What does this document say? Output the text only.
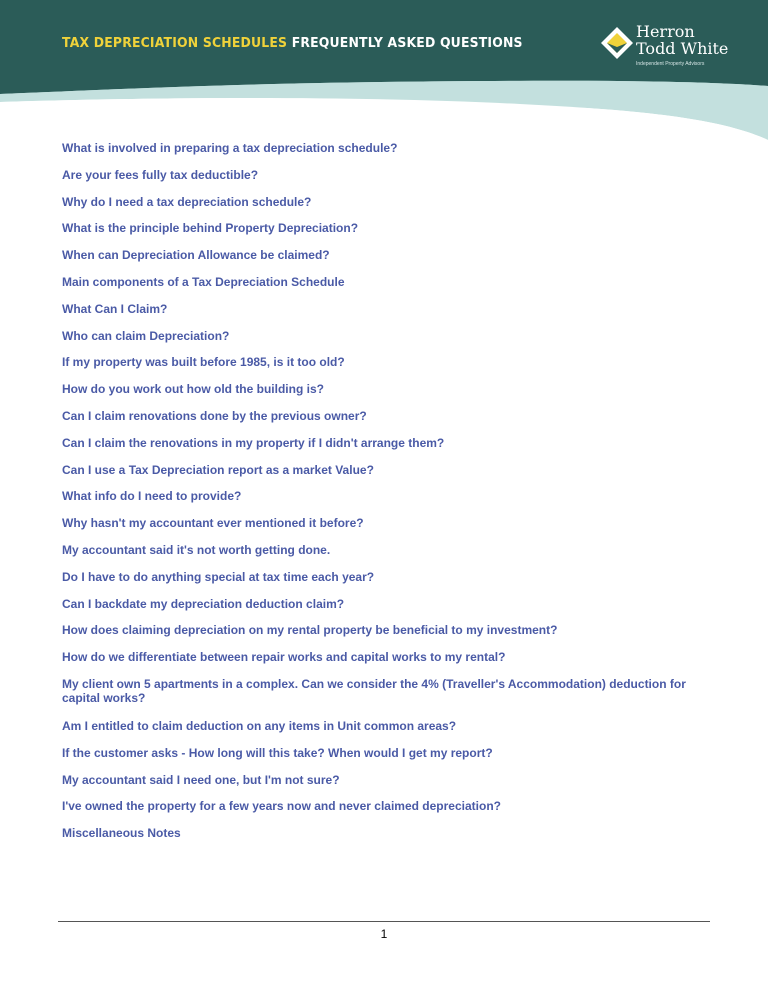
TAX DEPRECIATION SCHEDULES FREQUENTLY ASKED QUESTIONS
Herron
Todd White
Independent Property Advisors
What is involved in preparing a tax depreciation schedule?
Are your fees fully tax deductible?
Why do I need a tax depreciation schedule?
What is the principle behind Property Depreciation?
When can Depreciation Allowance be claimed?
Main components of a Tax Depreciation Schedule
What Can I Claim?
Who can claim Depreciation?
If my property was built before 1985, is it too old?
How do you work out how old the building is?
Can I claim renovations done by the previous owner?
Can I claim the renovations in my property if I didn't arrange them?
Can I use a Tax Depreciation report as a market Value?
What info do I need to provide?
Why hasn't my accountant ever mentioned it before?
My accountant said it's not worth getting done.
Do I have to do anything special at tax time each year?
Can I backdate my depreciation deduction claim?
How does claiming depreciation on my rental property be beneficial to my investment?
How do we differentiate between repair works and capital works to my rental?
My client own 5 apartments in a complex. Can we consider the 4% (Traveller's Accommodation) deduction for capital works?
Am I entitled to claim deduction on any items in Unit common areas?
If the customer asks - How long will this take? When would I get my report?
My accountant said I need one, but I'm not sure?
I've owned the property for a few years now and never claimed depreciation?
Miscellaneous Notes
1
